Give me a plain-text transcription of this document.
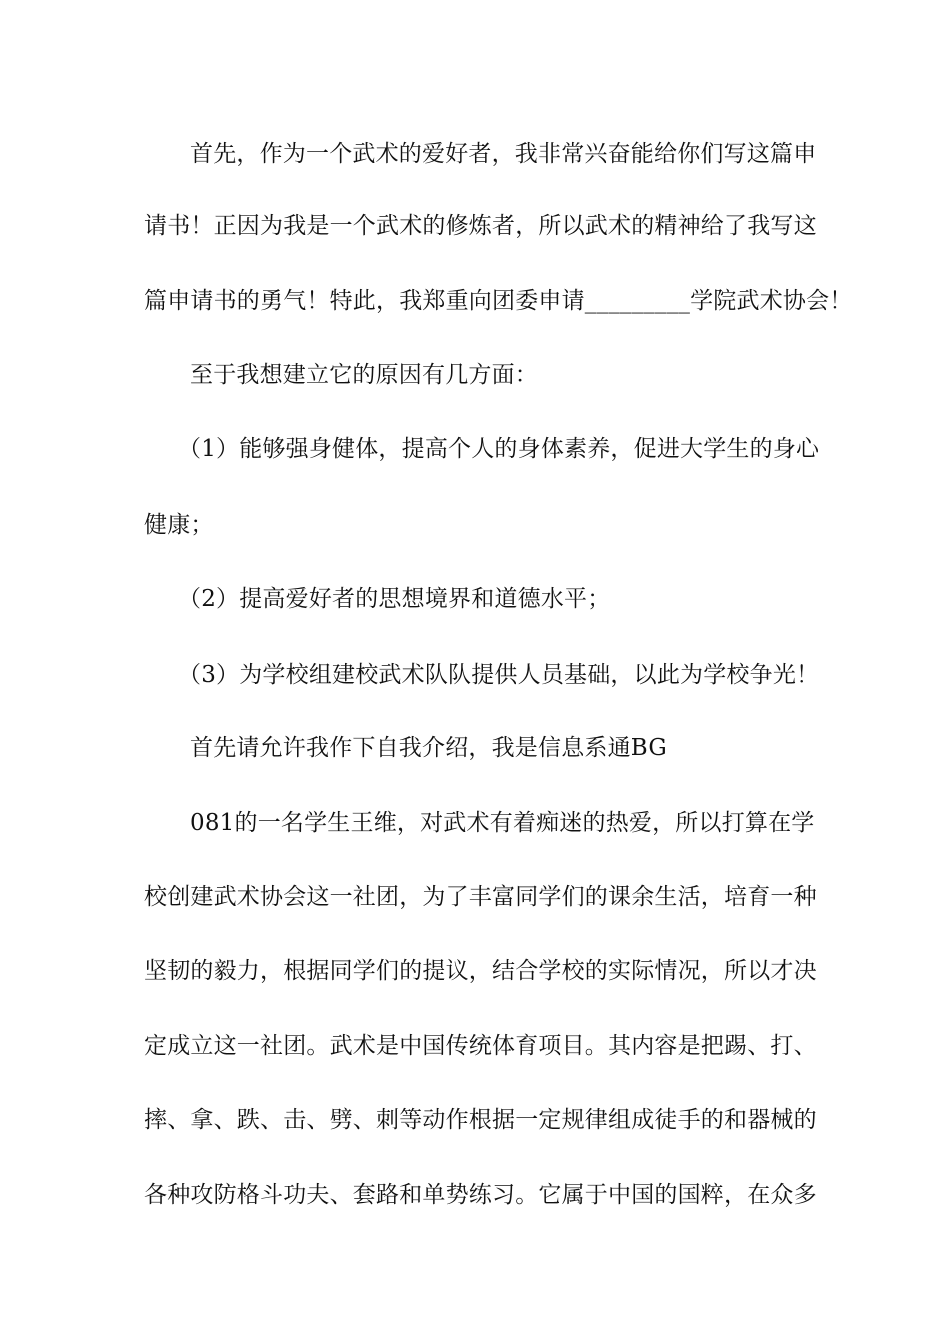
首先，作为一个武术的爱好者，我非常兴奋能给你们写这篇申
请书！正因为我是一个武术的修炼者，所以武术的精神给了我写这
篇申请书的勇气！特此，我郑重向团委申请_________学院武术协会！
至于我想建立它的原因有几方面：
（1）能够强身健体，提高个人的身体素养，促进大学生的身心
健康；
（2）提高爱好者的思想境界和道德水平；
（3）为学校组建校武术队队提供人员基础，以此为学校争光！
首先请允许我作下自我介绍，我是信息系通BG
081的一名学生王维，对武术有着痴迷的热爱，所以打算在学
校创建武术协会这一社团，为了丰富同学们的课余生活，培育一种
坚韧的毅力，根据同学们的提议，结合学校的实际情况，所以才决
定成立这一社团。武术是中国传统体育项目。其内容是把踢、打、
摔、拿、跌、击、劈、刺等动作根据一定规律组成徒手的和器械的
各种攻防格斗功夫、套路和单势练习。它属于中国的国粹，在众多
